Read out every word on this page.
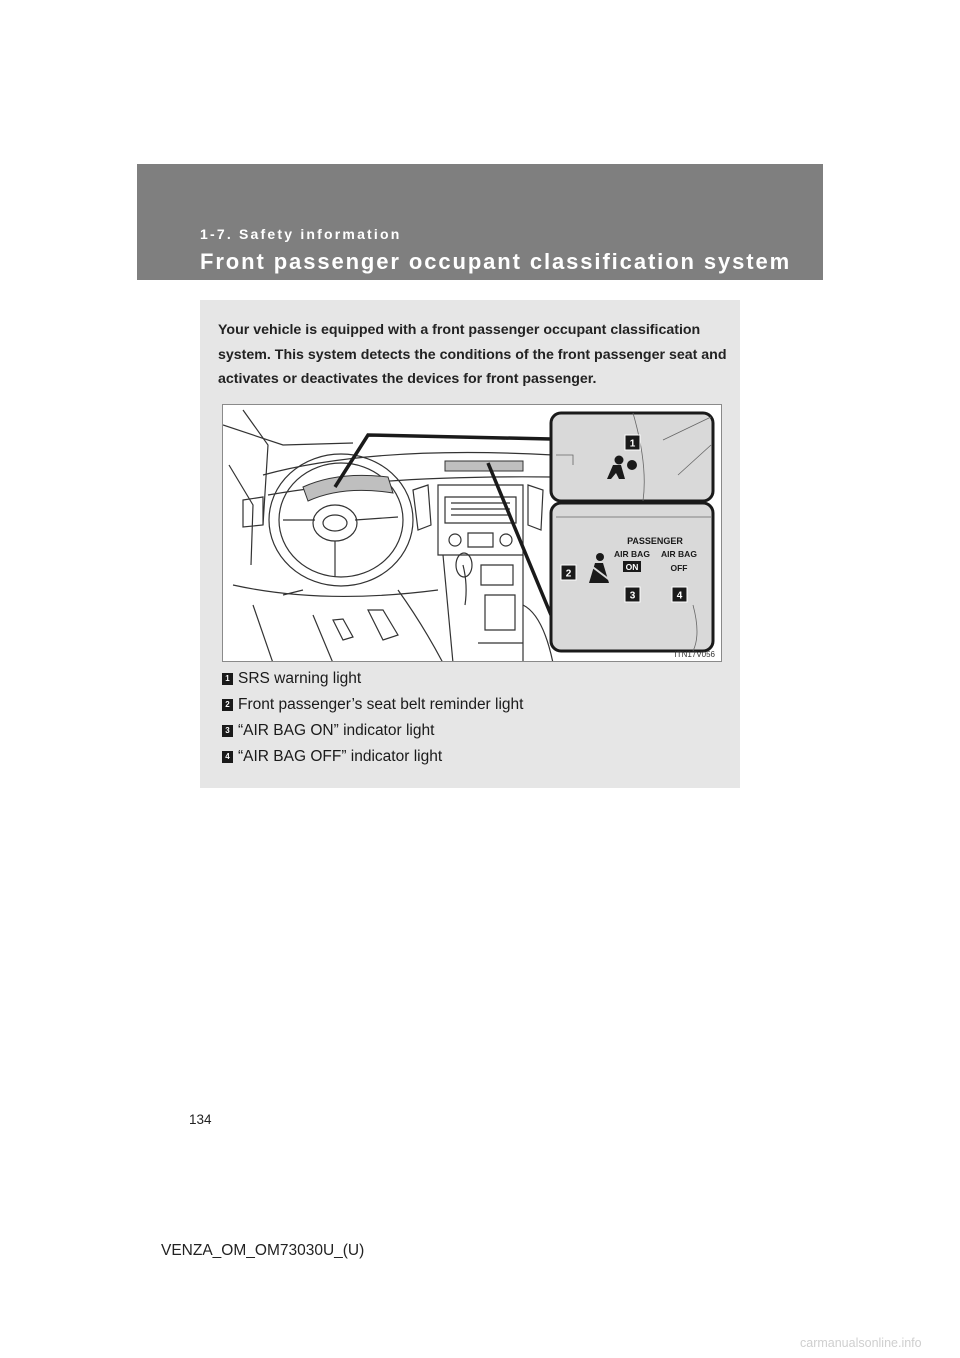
1-7. Safety information
Front passenger occupant classification system
Your vehicle is equipped with a front passenger occupant classification system. This system detects the conditions of the front passenger seat and activates or deactivates the devices for front passenger.
PASSENGER
AIR BAG
ON
AIR BAG
OFF
1
2
3	4
ITN17V056
1 SRS warning light
2 Front passenger’s seat belt reminder light
3 “AIR BAG ON” indicator light
4 “AIR BAG OFF” indicator light
134
VENZA_OM_OM73030U_(U)
carmanualsonline.info
